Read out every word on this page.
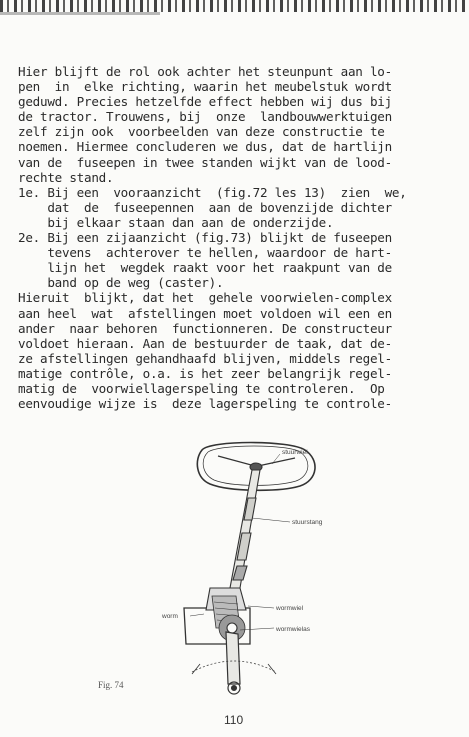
Hier blijft de rol ook achter het steunpunt aan lo-
pen  in  elke richting, waarin het meubelstuk wordt
geduwd. Precies hetzelfde effect hebben wij dus bij
de tractor. Trouwens, bij  onze  landbouwwerktuigen
zelf zijn ook  voorbeelden van deze constructie te
noemen. Hiermee concluderen we dus, dat de hartlijn
van de  fuseepen in twee standen wijkt van de lood-
rechte stand.
1e. Bij een  vooraanzicht  (fig.72 les 13)  zien  we,
dat  de  fuseepennen  aan de bovenzijde dichter
bij elkaar staan dan aan de onderzijde.
2e. Bij een zijaanzicht (fig.73) blijkt de fuseepen
tevens  achterover te hellen, waardoor de hart-
lijn het  wegdek raakt voor het raakpunt van de
band op de weg (caster).
Hieruit  blijkt, dat het  gehele voorwielen-complex
aan heel  wat  afstellingen moet voldoen wil een en
ander  naar behoren  functionneren. De constructeur
voldoet hieraan. Aan de bestuurder de taak, dat de-
ze afstellingen gehandhaafd blijven, middels regel-
matige contrôle, o.a. is het zeer belangrijk regel-
matig de  voorwiellagerspeling te controleren.  Op
eenvoudige wijze is  deze lagerspeling te controle-
stuurwiel
stuurstang
wormwiel
worm
wormwielas
Fig. 74
110
